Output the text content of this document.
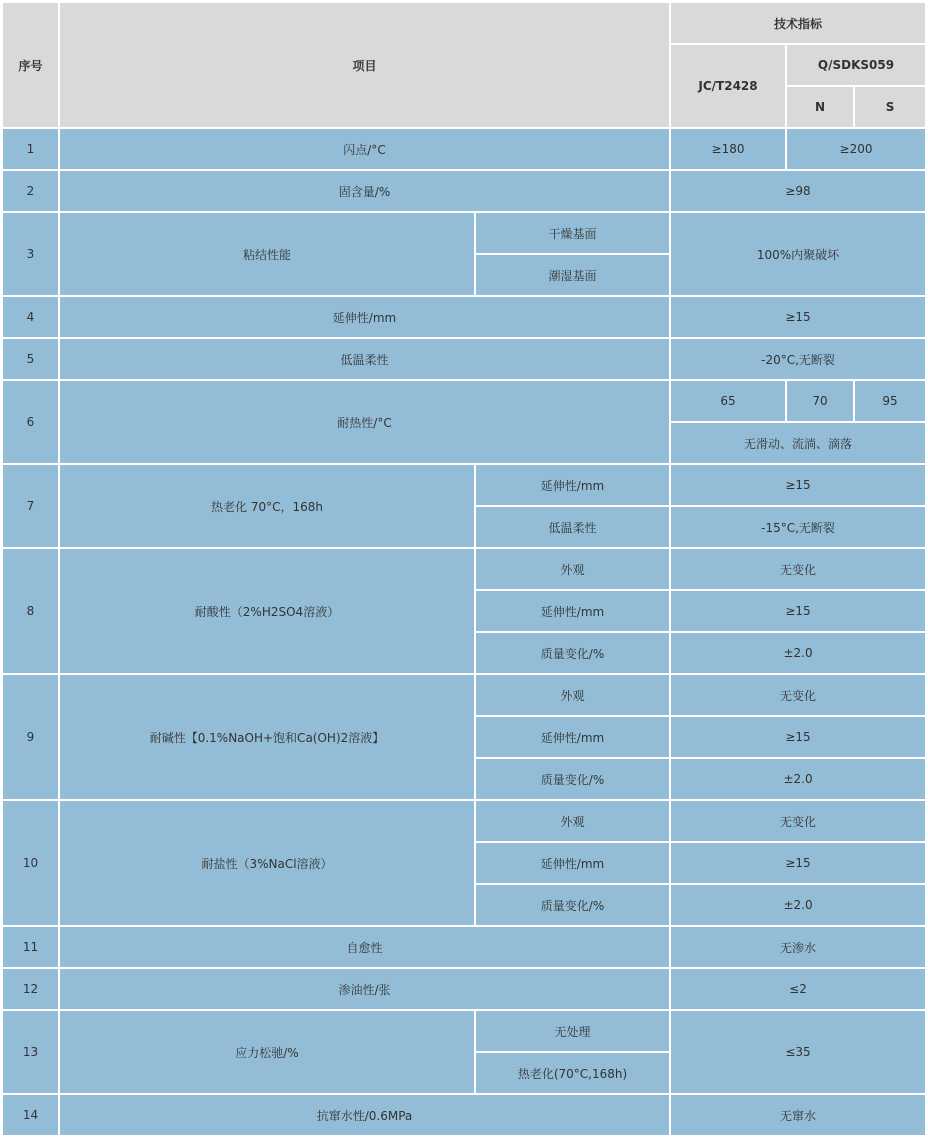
序号	项目		技术指标		
			JC/T2428	Q/SDKS059	
				N	S
1	闪点/°C		≥180	≥200	
2	固含量/%		≥98		
3	粘结性能	干燥基面	100%内聚破坏		
		潮湿基面			
4	延伸性/mm		≥15		
5	低温柔性		-20°C,无断裂		
6	耐热性/°C		65	70	95
			无滑动、流淌、滴落		
7	热老化 70°C，168h	延伸性/mm	≥15		
		低温柔性	-15°C,无断裂		
8	耐酸性（2%H2SO4溶液）	外观	无变化		
		延伸性/mm	≥15		
		质量变化/%	±2.0		
9	耐碱性【0.1%NaOH+饱和Ca(OH)2溶液】	外观	无变化		
		延伸性/mm	≥15		
		质量变化/%	±2.0		
10	耐盐性（3%NaCl溶液）	外观	无变化		
		延伸性/mm	≥15		
		质量变化/%	±2.0		
11	自愈性		无渗水		
12	渗油性/张		≤2		
13	应力松驰/%	无处理	≤35		
		热老化(70°C,168h)			
14	抗窜水性/0.6MPa		无窜水		
